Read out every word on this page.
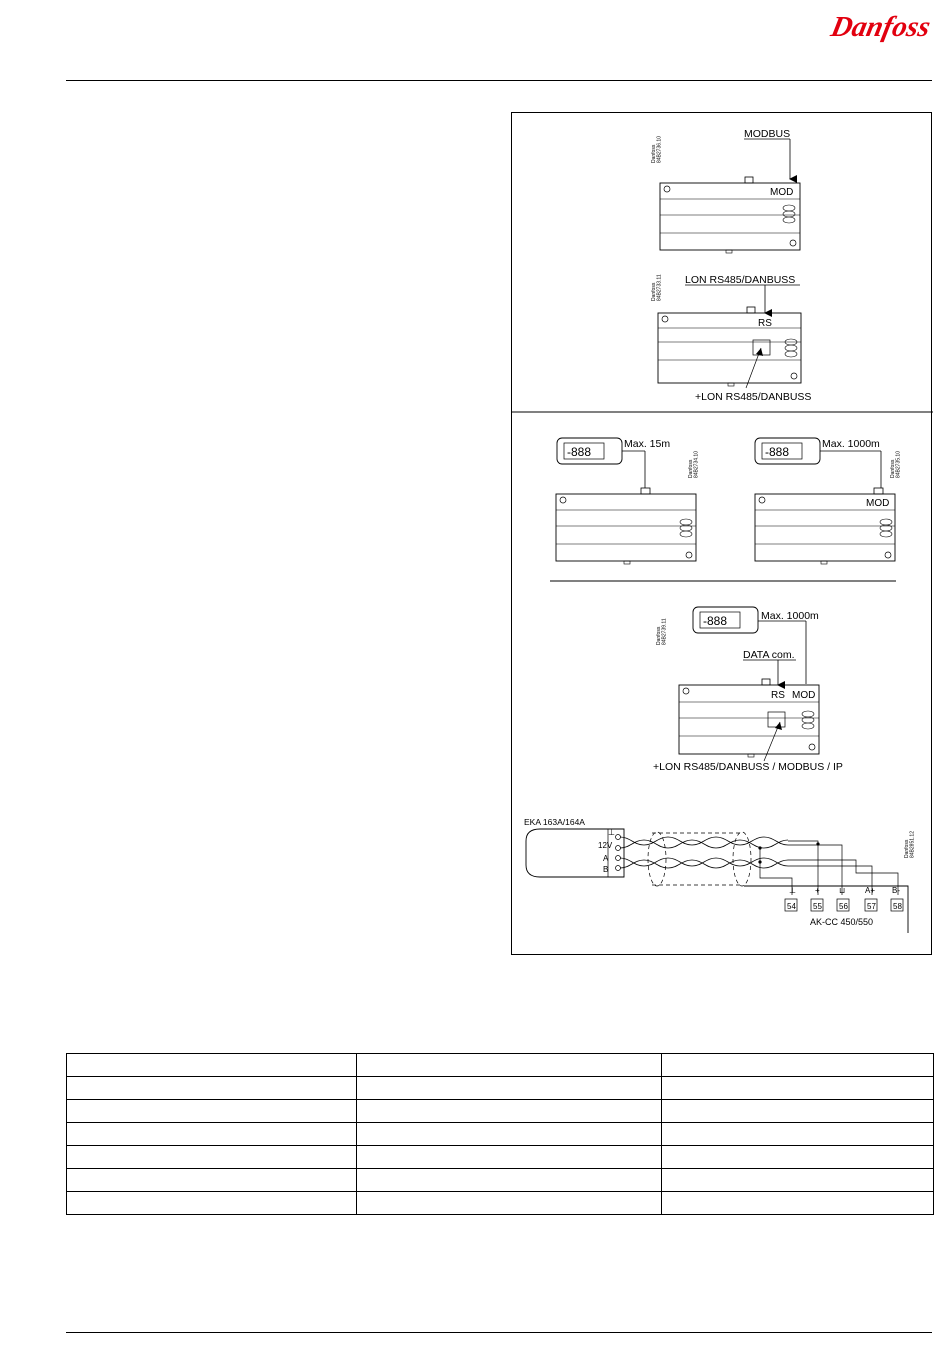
Danfoss
Danfoss84B2736.10
MODBUS
MOD
Danfoss84B2733.11 LON RS485/DANBUSS
RS
+LON RS485/DANBUSS
-888
Max. 15m
Danfoss84B2734.10	-888
Max. 1000m
Danfoss84B2735.10
MOD
Danfoss84B2739.11	-888	Max. 1000m
DATA com.
RS MOD
+LON RS485/DANBUSS / MODBUS / IP
EKA 163A/164A
⊥
12V
A
B
⊥ + ⊔ A+ B-
54 55 56 57 58
AK-CC 450/550
Danfoss84B2851.12
